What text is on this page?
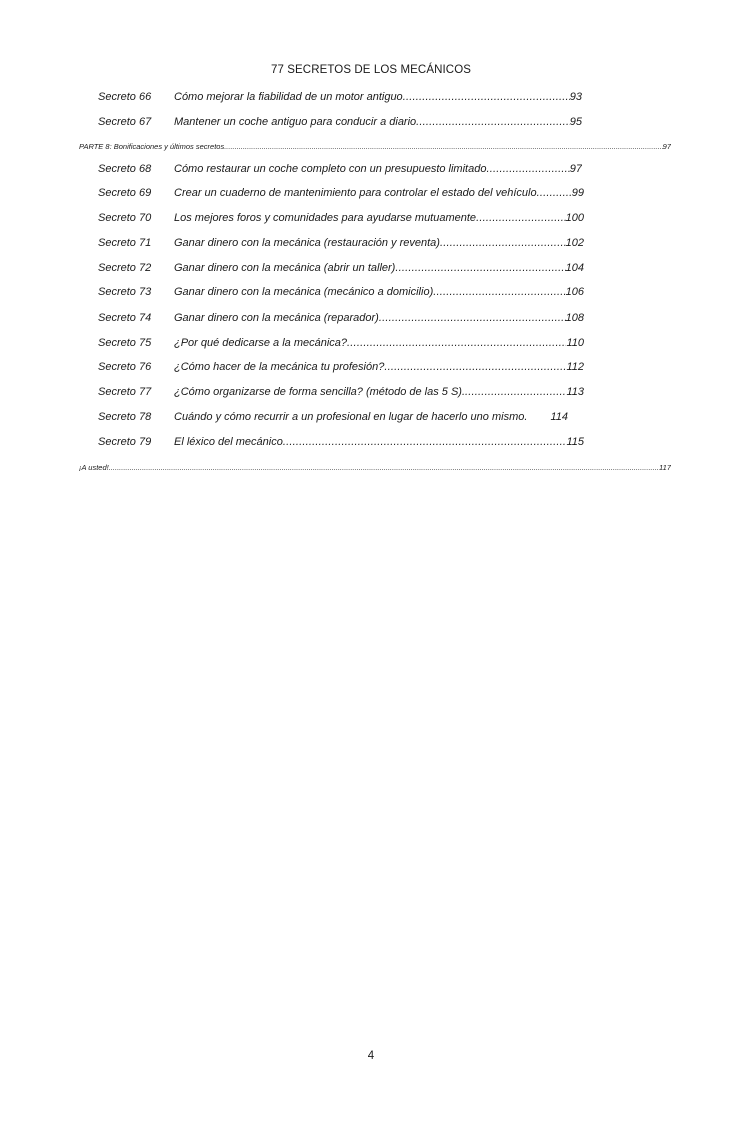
77 SECRETOS DE LOS MECÁNICOS
Secreto 66	Cómo mejorar la fiabilidad de un motor antiguo .....	93
Secreto 67	Mantener un coche antiguo para conducir a diario .....	95
PARTE 8: Bonificaciones y últimos secretos .....	97
Secreto 68	Cómo restaurar un coche completo con un presupuesto limitado .....	97
Secreto 69	Crear un cuaderno de mantenimiento para controlar el estado del vehículo .....	99
Secreto 70	Los mejores foros y comunidades para ayudarse mutuamente .....	100
Secreto 71	Ganar dinero con la mecánica (restauración y reventa) .....	102
Secreto 72	Ganar dinero con la mecánica (abrir un taller) .....	104
Secreto 73	Ganar dinero con la mecánica (mecánico a domicilio) .....	106
Secreto 74	Ganar dinero con la mecánica (reparador) .....	108
Secreto 75	¿Por qué dedicarse a la mecánica? .....	110
Secreto 76	¿Cómo hacer de la mecánica tu profesión? .....	112
Secreto 77	¿Cómo organizarse de forma sencilla? (método de las 5 S). .....	113
Secreto 78	Cuándo y cómo recurrir a un profesional en lugar de hacerlo uno mismo. 114
Secreto 79	El léxico del mecánico .....	115
¡A usted! .....	117
4
